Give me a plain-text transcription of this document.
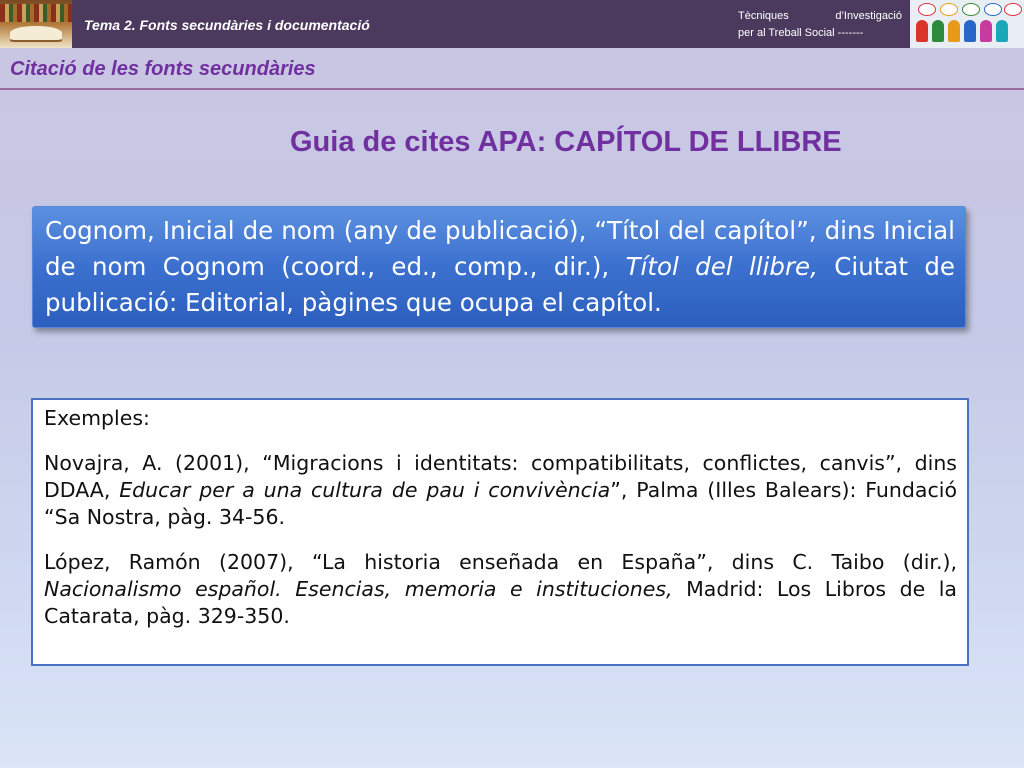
Tema 2. Fonts secundàries i documentació
Tècniques	d’Investigació
per al Treball Social -------
Citació de les fonts secundàries
Guia de cites APA: CAPÍTOL DE LLIBRE
Cognom, Inicial de nom (any de publicació), “Títol del capítol”, dins Inicial de nom Cognom (coord., ed., comp., dir.), Títol del llibre, Ciutat de publicació: Editorial, pàgines que ocupa el capítol.

Exemples:

Novajra, A. (2001), “Migracions i identitats: compatibilitats, conflictes, canvis”, dins DDAA, Educar per a una cultura de pau i convivència”, Palma (Illes Balears): Fundació “Sa Nostra, pàg. 34-56.

López, Ramón (2007), “La historia enseñada en España”, dins C. Taibo (dir.), Nacionalismo español. Esencias, memoria e instituciones, Madrid: Los Libros de la Catarata, pàg. 329-350.
